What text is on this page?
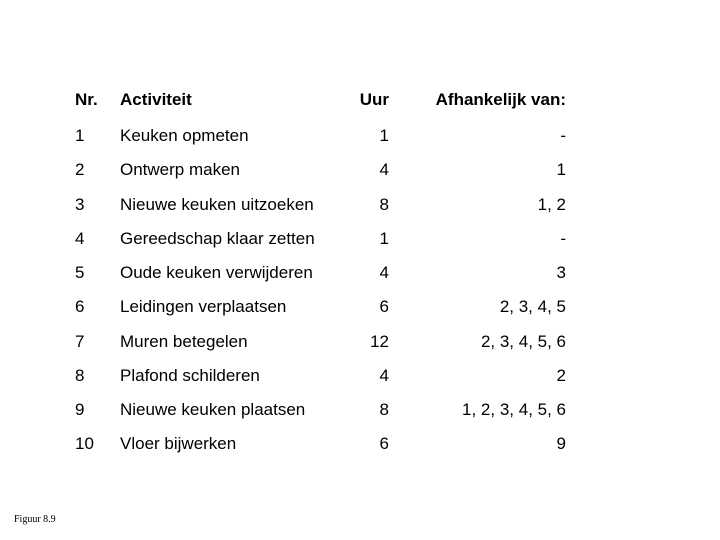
Nr. Activiteit	Uur	Afhankelijk van:
1 Keuken opmeten	1	-
2 Ontwerp maken	4	1
3 Nieuwe keuken uitzoeken	8	1, 2
4 Gereedschap klaar zetten	1	-
5 Oude keuken verwijderen	4	3
6 Leidingen verplaatsen	6	2, 3, 4, 5
7 Muren betegelen	12	2, 3, 4, 5, 6
8 Plafond schilderen	4	2
9 Nieuwe keuken plaatsen	8	1, 2, 3, 4, 5, 6
10 Vloer bijwerken	6	9
Figuur 8.9
